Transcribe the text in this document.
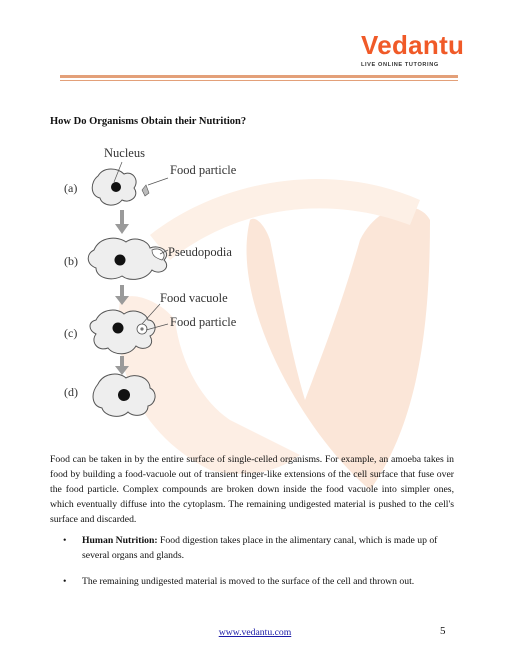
Vedantu
LIVE ONLINE TUTORING
How Do Organisms Obtain their Nutrition?
(a)
(b)
(c)
(d)
Nucleus
Food particle
Pseudopodia
Food vacuole
Food particle
Food can be taken in by the entire surface of single-celled organisms. For example, an amoeba takes in food by building a food-vacuole out of transient finger-like extensions of the cell surface that fuse over the food particle. Complex compounds are broken down inside the food vacuole into simpler ones, which eventually diffuse into the cytoplasm. The remaining undigested material is pushed to the cell's surface and discarded.
• Human Nutrition: Food digestion takes place in the alimentary canal, which is made up of several organs and glands.
• The remaining undigested material is moved to the surface of the cell and thrown out.
www.vedantu.com	5
